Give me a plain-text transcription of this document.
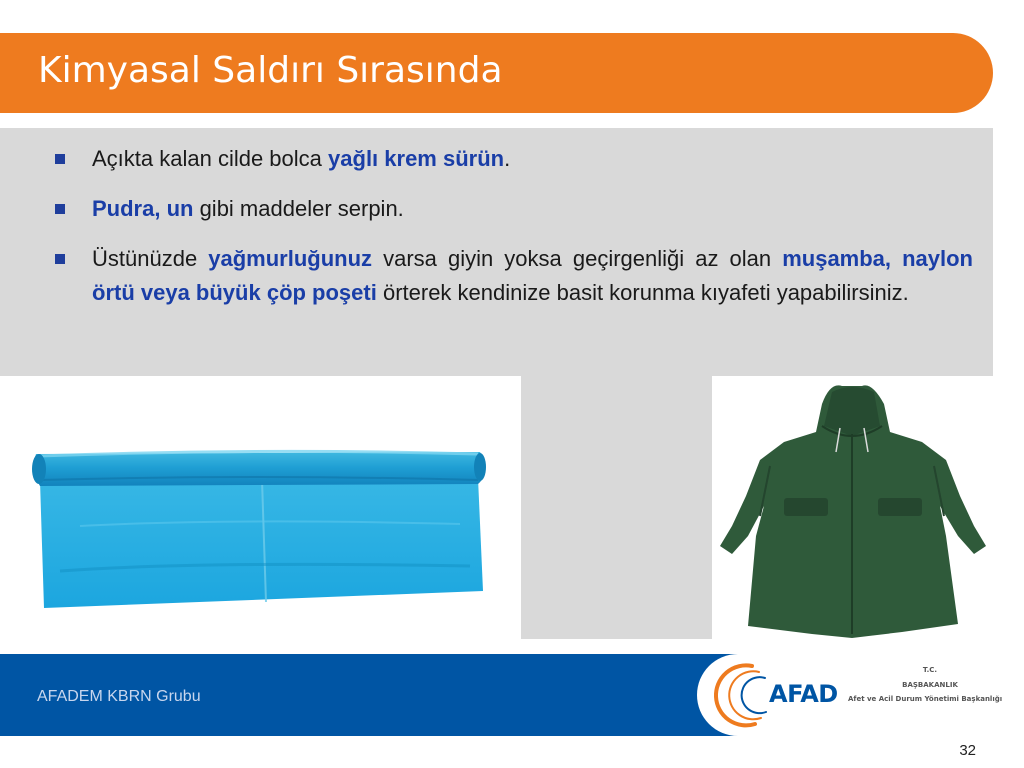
Kimyasal Saldırı Sırasında
Açıkta kalan cilde bolca yağlı krem sürün.
Pudra, un gibi maddeler serpin.
Üstünüzde yağmurluğunuz varsa giyin yoksa geçirgenliği az olan muşamba, naylon örtü veya büyük çöp poşeti örterek kendinize basit korunma kıyafeti yapabilirsiniz.
AFADEM KBRN Grubu	AFAD
T.C.
BAŞBAKANLIK
Afet ve Acil Durum Yönetimi Başkanlığı
32
